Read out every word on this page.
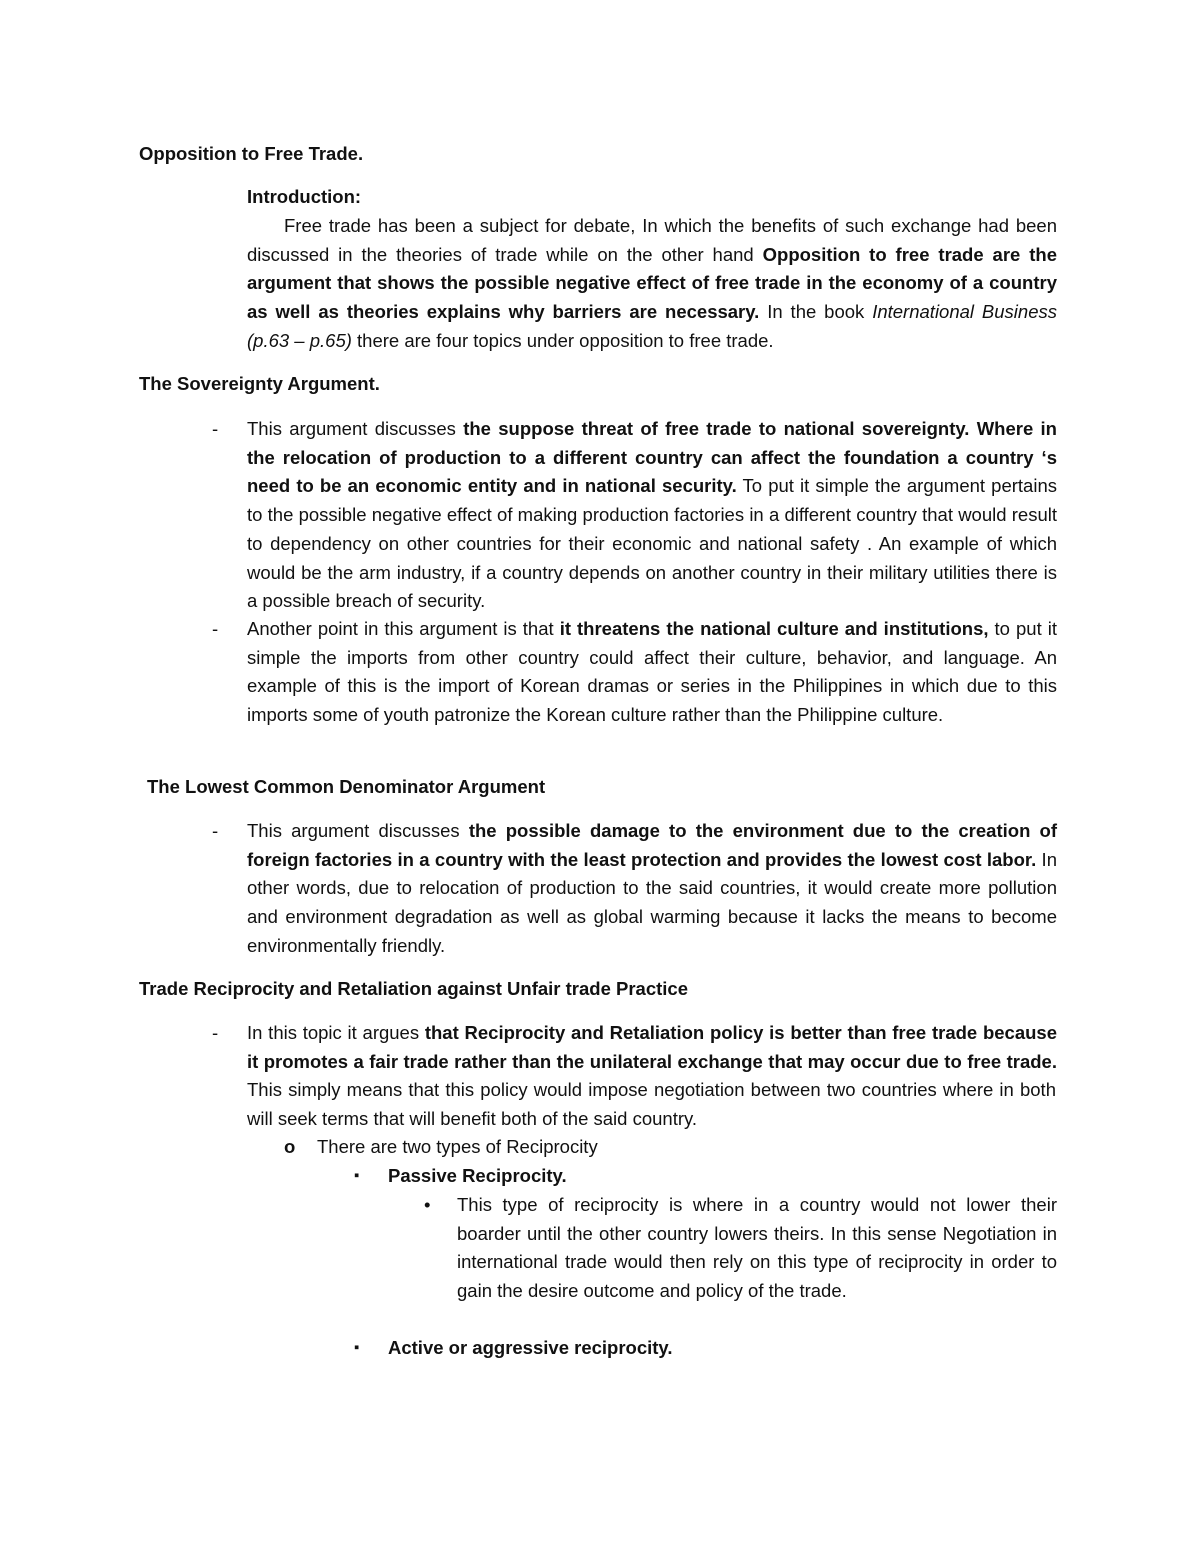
Opposition to Free Trade.
Introduction:

Free trade has been a subject for debate, In which the benefits of such exchange had been discussed in the theories of trade while on the other hand Opposition to free trade are the argument that shows the possible negative effect of free trade in the economy of a country as well as theories explains why barriers are necessary. In the book International Business (p.63 – p.65) there are four topics under opposition to free trade.

The Sovereignty Argument.
- This argument discusses the suppose threat of free trade to national sovereignty. Where in the relocation of production to a different country can affect the foundation a country ‘s need to be an economic entity and in national security. To put it simple the argument pertains to the possible negative effect of making production factories in a different country that would result to dependency on other countries for their economic and national safety . An example of which would be the arm industry, if a country depends on another country in their military utilities there is a possible breach of security.

- Another point in this argument is that it threatens the national culture and institutions, to put it simple the imports from other country could affect their culture, behavior, and language. An example of this is the import of Korean dramas or series in the Philippines in which due to this imports some of youth patronize the Korean culture rather than the Philippine culture.

The Lowest Common Denominator Argument
- This argument discusses the possible damage to the environment due to the creation of foreign factories in a country with the least protection and provides the lowest cost labor. In other words, due to relocation of production to the said countries, it would create more pollution and environment degradation as well as global warming because it lacks the means to become environmentally friendly.

Trade Reciprocity and Retaliation against Unfair trade Practice
- In this topic it argues that Reciprocity and Retaliation policy is better than free trade because it promotes a fair trade rather than the unilateral exchange that may occur due to free trade. This simply means that this policy would impose negotiation between two countries where in both will seek terms that will benefit both of the said country.

o There are two types of Reciprocity
▪ Passive Reciprocity.
• This type of reciprocity is where in a country would not lower their boarder until the other country lowers theirs. In this sense Negotiation in international trade would then rely on this type of reciprocity in order to gain the desire outcome and policy of the trade.
▪ Active or aggressive reciprocity.
